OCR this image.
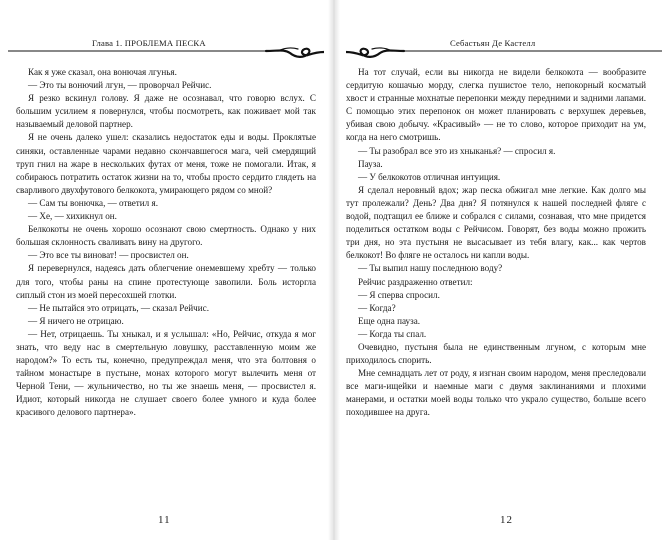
Глава 1. ПРОБЛЕМА ПЕСКА

Как я уже сказал, она вонючая лгунья.

— Это ты вонючий лгун, — проворчал Рейчис.

Я резко вскинул голову. Я даже не осознавал, что говорю вслух. С большим усилием я повернулся, чтобы посмотреть, как поживает мой так называемый деловой партнер.

Я не очень далеко ушел: сказались недостаток еды и воды. Проклятые синяки, оставленные чарами недавно скончавшегося мага, чей смердящий труп гнил на жаре в нескольких футах от меня, тоже не помогали. Итак, я собираюсь потратить остаток жизни на то, чтобы просто сердито глядеть на сварливого двухфутового белкокота, умирающего рядом со мной?

— Сам ты вонючка, — ответил я.

— Хе, — хихикнул он.

Белкокоты не очень хорошо осознают свою смертность. Однако у них большая склонность сваливать вину на другого.

— Это все ты виноват! — просвистел он.

Я перевернулся, надеясь дать облегчение онемевшему хребту — только для того, чтобы раны на спине протестующе завопили. Боль исторгла сиплый стон из моей пересохшей глотки.

— Не пытайся это отрицать, — сказал Рейчис.

— Я ничего не отрицаю.

— Нет, отрицаешь. Ты хныкал, и я услышал: «Но, Рейчис, откуда я мог знать, что веду нас в смертельную ловушку, расставленную моим же народом?» То есть ты, конечно, предупреждал меня, что эта болтовня о тайном монастыре в пустыне, монах которого могут вылечить меня от Черной Тени, — жульничество, но ты же знаешь меня, — просвистел я. Идиот, который никогда не слушает своего более умного и куда более красивого делового партнера».

11
Себастьян Де Кастелл

На тот случай, если вы никогда не видели белкокота — вообразите сердитую кошачью морду, слегка пушистое тело, непокорный косматый хвост и странные мохнатые перепонки между передними и задними лапами. С помощью этих перепонок он может планировать с верхушек деревьев, убивая свою добычу. «Красивый» — не то слово, которое приходит на ум, когда на него смотришь.

— Ты разобрал все это из хныканья? — спросил я.

Пауза.

— У белкокотов отличная интуиция.

Я сделал неровный вдох; жар песка обжигал мне легкие. Как долго мы тут пролежали? День? Два дня? Я потянулся к нашей последней фляге с водой, подтащил ее ближе и собрался с силами, сознавая, что мне придется поделиться остатком воды с Рейчисом. Говорят, без воды можно прожить три дня, но эта пустыня не высасывает из тебя влагу, как... как чертов белкокот! Во фляге не осталось ни капли воды.

— Ты выпил нашу последнюю воду?

Рейчис раздраженно ответил:

— Я сперва спросил.

— Когда?

Еще одна пауза.

— Когда ты спал.

Очевидно, пустыня была не единственным лгуном, с которым мне приходилось спорить.

Мне семнадцать лет от роду, я изгнан своим народом, меня преследовали все маги-ищейки и наемные маги с двумя заклинаниями и плохими манерами, и остатки моей воды только что украло существо, больше всего походившее на друга.

12
